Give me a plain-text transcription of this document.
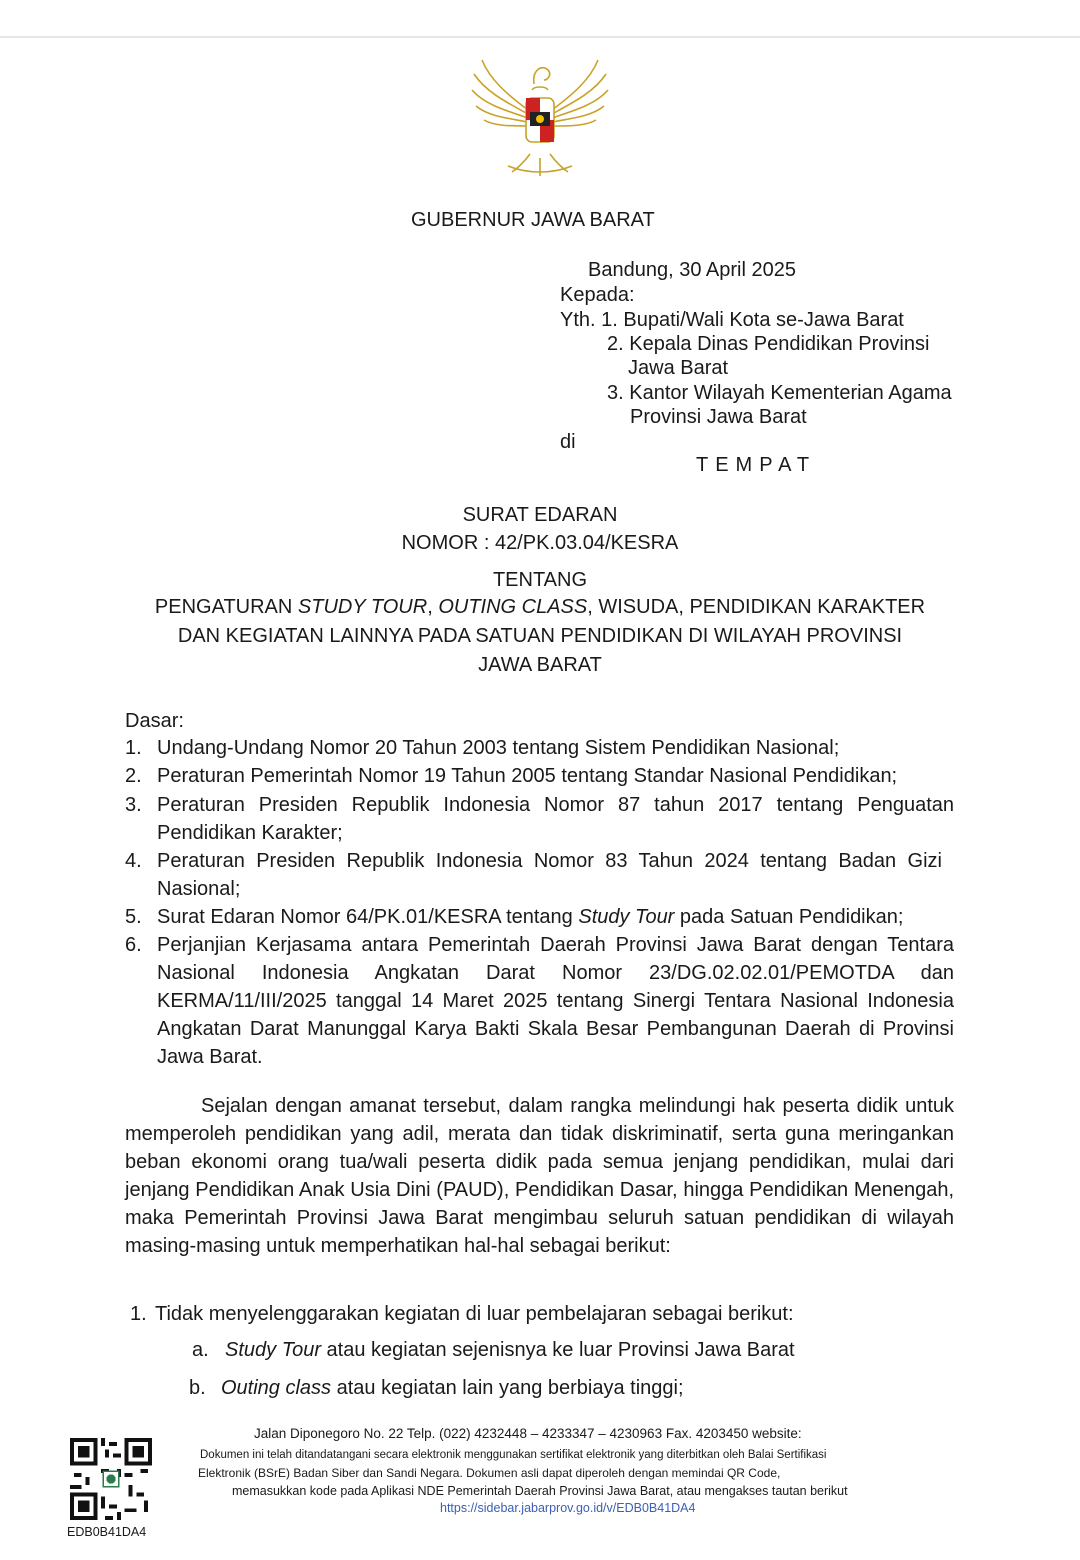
GUBERNUR JAWA BARAT
Bandung, 30 April 2025
Kepada:
Yth. 1. Bupati/Wali Kota se-Jawa Barat
2. Kepala Dinas Pendidikan Provinsi
Jawa Barat
3. Kantor Wilayah Kementerian Agama
Provinsi Jawa Barat
di
TEMPAT
SURAT EDARAN
NOMOR : 42/PK.03.04/KESRA
TENTANG
PENGATURAN STUDY TOUR, OUTING CLASS, WISUDA, PENDIDIKAN KARAKTER
DAN KEGIATAN LAINNYA PADA SATUAN PENDIDIKAN DI WILAYAH PROVINSI
JAWA BARAT
Dasar:
1. Undang-Undang Nomor 20 Tahun 2003 tentang Sistem Pendidikan Nasional;
2. Peraturan Pemerintah Nomor 19 Tahun 2005 tentang Standar Nasional Pendidikan;
3. Peraturan Presiden Republik Indonesia Nomor 87 tahun 2017 tentang Penguatan Pendidikan Karakter;
4. Peraturan Presiden Republik Indonesia Nomor 83 Tahun 2024 tentang Badan Gizi Nasional;
5. Surat Edaran Nomor 64/PK.01/KESRA tentang Study Tour pada Satuan Pendidikan;
6. Perjanjian Kerjasama antara Pemerintah Daerah Provinsi Jawa Barat dengan Tentara Nasional Indonesia Angkatan Darat Nomor 23/DG.02.02.01/PEMOTDA dan KERMA/11/III/2025 tanggal 14 Maret 2025 tentang Sinergi Tentara Nasional Indonesia Angkatan Darat Manunggal Karya Bakti Skala Besar Pembangunan Daerah di Provinsi Jawa Barat.
Sejalan dengan amanat tersebut, dalam rangka melindungi hak peserta didik untuk memperoleh pendidikan yang adil, merata dan tidak diskriminatif, serta guna meringankan beban ekonomi orang tua/wali peserta didik pada semua jenjang pendidikan, mulai dari jenjang Pendidikan Anak Usia Dini (PAUD), Pendidikan Dasar, hingga Pendidikan Menengah, maka Pemerintah Provinsi Jawa Barat mengimbau seluruh satuan pendidikan di wilayah masing-masing untuk memperhatikan hal-hal sebagai berikut:
1. Tidak menyelenggarakan kegiatan di luar pembelajaran sebagai berikut:
a. Study Tour atau kegiatan sejenisnya ke luar Provinsi Jawa Barat
b. Outing class atau kegiatan lain yang berbiaya tinggi;
Jalan Diponegoro No. 22 Telp. (022) 4232448 – 4233347 – 4230963 Fax. 4203450 website:
Dokumen ini telah ditandatangani secara elektronik menggunakan sertifikat elektronik yang diterbitkan oleh Balai Sertifikasi
Elektronik (BSrE) Badan Siber dan Sandi Negara. Dokumen asli dapat diperoleh dengan memindai QR Code,
memasukkan kode pada Aplikasi NDE Pemerintah Daerah Provinsi Jawa Barat, atau mengakses tautan berikut
https://sidebar.jabarprov.go.id/v/EDB0B41DA4
EDB0B41DA4
